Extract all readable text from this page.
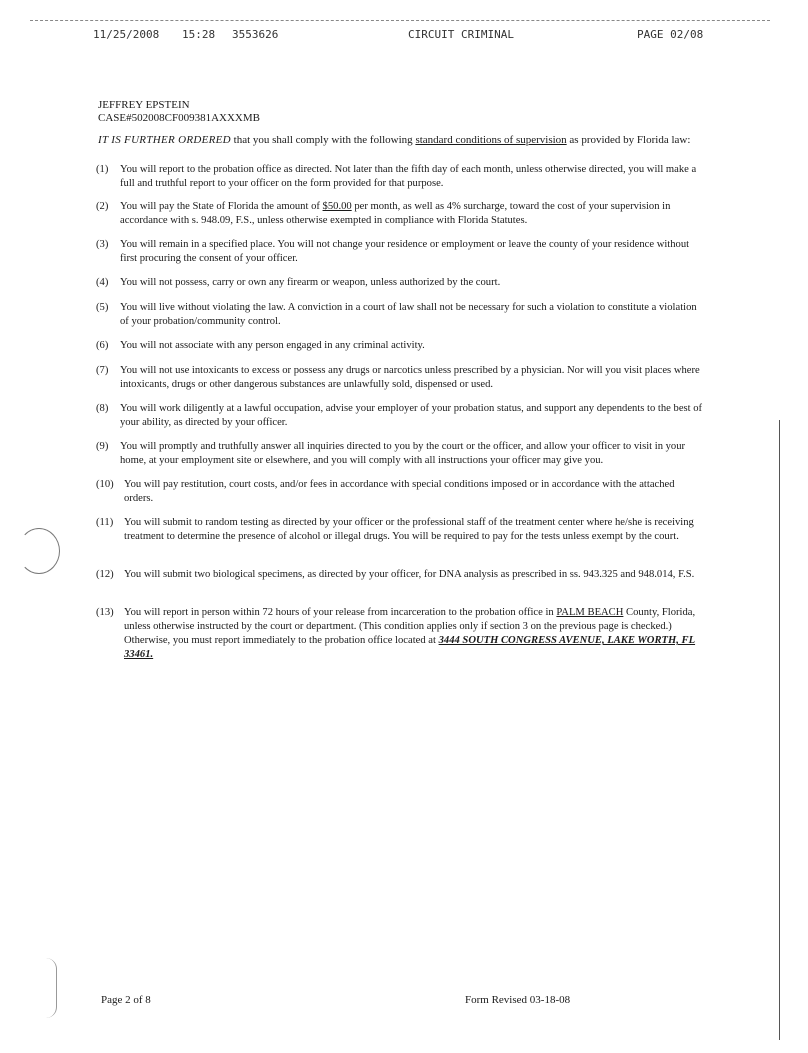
11/25/2008 15:28 3553626	CIRCUIT CRIMINAL	PAGE 02/08
JEFFREY EPSTEIN
CASE#502008CF009381AXXXMB
IT IS FURTHER ORDERED that you shall comply with the following standard conditions of supervision as provided by Florida law:
(1)	You will report to the probation office as directed. Not later than the fifth day of each month, unless otherwise directed, you will make a full and truthful report to your officer on the form provided for that purpose.
(2)	You will pay the State of Florida the amount of $50.00 per month, as well as 4% surcharge, toward the cost of your supervision in accordance with s. 948.09, F.S., unless otherwise exempted in compliance with Florida Statutes.
(3)	You will remain in a specified place. You will not change your residence or employment or leave the county of your residence without first procuring the consent of your officer.
(4)	You will not possess, carry or own any firearm or weapon, unless authorized by the court.
(5)	You will live without violating the law. A conviction in a court of law shall not be necessary for such a violation to constitute a violation of your probation/community control.
(6)	You will not associate with any person engaged in any criminal activity.
(7)	You will not use intoxicants to excess or possess any drugs or narcotics unless prescribed by a physician. Nor will you visit places where intoxicants, drugs or other dangerous substances are unlawfully sold, dispensed or used.
(8)	You will work diligently at a lawful occupation, advise your employer of your probation status, and support any dependents to the best of your ability, as directed by your officer.
(9)	You will promptly and truthfully answer all inquiries directed to you by the court or the officer, and allow your officer to visit in your home, at your employment site or elsewhere, and you will comply with all instructions your officer may give you.
(10) You will pay restitution, court costs, and/or fees in accordance with special conditions imposed or in accordance with the attached orders.
(11)	You will submit to random testing as directed by your officer or the professional staff of the treatment center where he/she is receiving treatment to determine the presence of alcohol or illegal drugs. You will be required to pay for the tests unless exempt by the court.
(12) You will submit two biological specimens, as directed by your officer, for DNA analysis as prescribed in ss. 943.325 and 948.014, F.S.
(13) You will report in person within 72 hours of your release from incarceration to the probation office in PALM BEACH County, Florida, unless otherwise instructed by the court or department. (This condition applies only if section 3 on the previous page is checked.) Otherwise, you must report immediately to the probation office located at 3444 SOUTH CONGRESS AVENUE, LAKE WORTH, FL 33461.
Page 2 of 8	Form Revised 03-18-08
